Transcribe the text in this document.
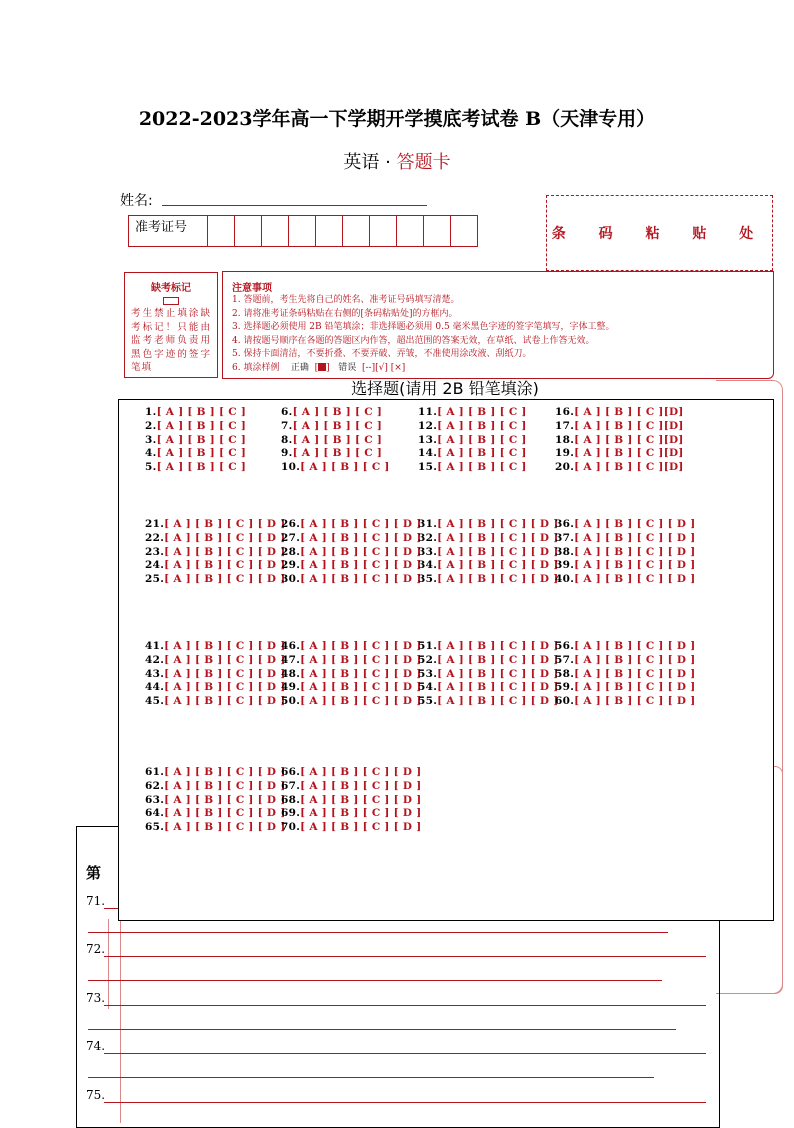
2022-2023学年高一下学期开学摸底考试卷 B（天津专用）
英语 · 答题卡
姓名:
准考证号	条 码 粘 贴 处
缺考标记
考生禁止填涂缺考标记！只能由监考老师负责用黑色字迹的签字笔填
注意事项
1. 答题前，考生先将自己的姓名、准考证号码填写清楚。
2. 请将准考证条码粘贴在右侧的[条码粘贴处]的方框内。
3. 选择题必须使用 2B 铅笔填涂；非选择题必须用 0.5 毫米黑色字迹的签字笔填写，字体工整。
4. 请按题号顺序在各题的答题区内作答，超出范围的答案无效，在草纸、试卷上作答无效。
5. 保持卡面清洁，不要折叠、不要弄破、弄皱，不准使用涂改液、刮纸刀。
6. 填涂样例 正确  [ ]   错误 [--][√] [×]
选择题(请用 2B 铅笔填涂)
1.[ A ] [ B ] [ C ]
2.[ A ] [ B ] [ C ]
3.[ A ] [ B ] [ C ]
4.[ A ] [ B ] [ C ]
5.[ A ] [ B ] [ C ]
6.[ A ] [ B ] [ C ]
7.[ A ] [ B ] [ C ]
8.[ A ] [ B ] [ C ]
9.[ A ] [ B ] [ C ]
10.[ A ] [ B ] [ C ]
11.[ A ] [ B ] [ C ]
12.[ A ] [ B ] [ C ]
13.[ A ] [ B ] [ C ]
14.[ A ] [ B ] [ C ]
15.[ A ] [ B ] [ C ]
16.[ A ] [ B ] [ C ][D]
17.[ A ] [ B ] [ C ][D]
18.[ A ] [ B ] [ C ][D]
19.[ A ] [ B ] [ C ][D]
20.[ A ] [ B ] [ C ][D]
21.[ A ] [ B ] [ C ] [ D ]
22.[ A ] [ B ] [ C ] [ D ]
23.[ A ] [ B ] [ C ] [ D ]
24.[ A ] [ B ] [ C ] [ D ]
25.[ A ] [ B ] [ C ] [ D ]
26.[ A ] [ B ] [ C ] [ D ]
27.[ A ] [ B ] [ C ] [ D ]
28.[ A ] [ B ] [ C ] [ D ]
29.[ A ] [ B ] [ C ] [ D ]
30.[ A ] [ B ] [ C ] [ D ]
31.[ A ] [ B ] [ C ] [ D ]
32.[ A ] [ B ] [ C ] [ D ]
33.[ A ] [ B ] [ C ] [ D ]
34.[ A ] [ B ] [ C ] [ D ]
35.[ A ] [ B ] [ C ] [ D ]
36.[ A ] [ B ] [ C ] [ D ]
37.[ A ] [ B ] [ C ] [ D ]
38.[ A ] [ B ] [ C ] [ D ]
39.[ A ] [ B ] [ C ] [ D ]
40.[ A ] [ B ] [ C ] [ D ]
41.[ A ] [ B ] [ C ] [ D ]
42.[ A ] [ B ] [ C ] [ D ]
43.[ A ] [ B ] [ C ] [ D ]
44.[ A ] [ B ] [ C ] [ D ]
45.[ A ] [ B ] [ C ] [ D ]
46.[ A ] [ B ] [ C ] [ D ]
47.[ A ] [ B ] [ C ] [ D ]
48.[ A ] [ B ] [ C ] [ D ]
49.[ A ] [ B ] [ C ] [ D ]
50.[ A ] [ B ] [ C ] [ D ]
51.[ A ] [ B ] [ C ] [ D ]
52.[ A ] [ B ] [ C ] [ D ]
53.[ A ] [ B ] [ C ] [ D ]
54.[ A ] [ B ] [ C ] [ D ]
55.[ A ] [ B ] [ C ] [ D ]
56.[ A ] [ B ] [ C ] [ D ]
57.[ A ] [ B ] [ C ] [ D ]
58.[ A ] [ B ] [ C ] [ D ]
59.[ A ] [ B ] [ C ] [ D ]
60.[ A ] [ B ] [ C ] [ D ]
61.[ A ] [ B ] [ C ] [ D ]
62.[ A ] [ B ] [ C ] [ D ]
63.[ A ] [ B ] [ C ] [ D ]
64.[ A ] [ B ] [ C ] [ D ]
65.[ A ] [ B ] [ C ] [ D ]
66.[ A ] [ B ] [ C ] [ D ]
67.[ A ] [ B ] [ C ] [ D ]
68.[ A ] [ B ] [ C ] [ D ]
69.[ A ] [ B ] [ C ] [ D ]
70.[ A ] [ B ] [ C ] [ D ]
第
71.
72.
73.
74.
75.
